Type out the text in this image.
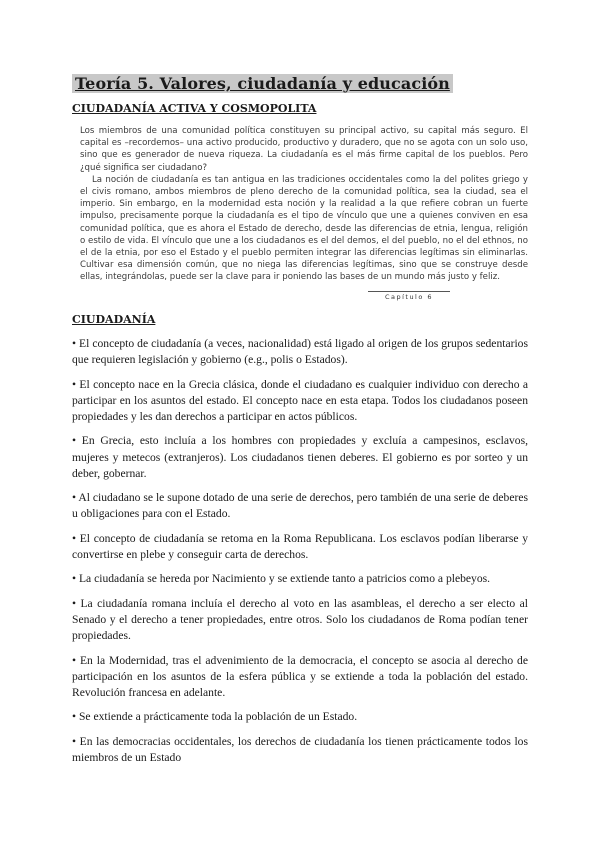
Teoría 5. Valores, ciudadanía y educación
CIUDADANÍA ACTIVA Y COSMOPOLITA

Los miembros de una comunidad política constituyen su principal activo, su capital más seguro. El capital es –recordemos– una activo producido, productivo y duradero, que no se agota con un solo uso, sino que es generador de nueva riqueza. La ciudadanía es el más firme capital de los pueblos. Pero ¿qué significa ser ciudadano?

La noción de ciudadanía es tan antigua en las tradiciones occidentales como la del polites griego y el civis romano, ambos miembros de pleno derecho de la comunidad política, sea la ciudad, sea el imperio. Sin embargo, en la modernidad esta noción y la realidad a la que refiere cobran un fuerte impulso, precisamente porque la ciudadanía es el tipo de vínculo que une a quienes conviven en esa comunidad política, que es ahora el Estado de derecho, desde las diferencias de etnia, lengua, religión o estilo de vida. El vínculo que une a los ciudadanos es el del demos, el del pueblo, no el del ethnos, no el de la etnia, por eso el Estado y el pueblo permiten integrar las diferencias legítimas sin eliminarlas. Cultivar esa dimensión común, que no niega las diferencias legítimas, sino que se construye desde ellas, integrándolas, puede ser la clave para ir poniendo las bases de un mundo más justo y feliz.

Capítulo 6
CIUDADANÍA

• El concepto de ciudadanía (a veces, nacionalidad) está ligado al origen de los grupos sedentarios que requieren legislación y gobierno (e.g., polis o Estados).

• El concepto nace en la Grecia clásica, donde el ciudadano es cualquier individuo con derecho a participar en los asuntos del estado. El concepto nace en esta etapa. Todos los ciudadanos poseen propiedades y les dan derechos a participar en actos públicos.

• En Grecia, esto incluía a los hombres con propiedades y excluía a campesinos, esclavos, mujeres y metecos (extranjeros). Los ciudadanos tienen deberes. El gobierno es por sorteo y un deber, gobernar.

• Al ciudadano se le supone dotado de una serie de derechos, pero también de una serie de deberes u obligaciones para con el Estado.

• El concepto de ciudadanía se retoma en la Roma Republicana. Los esclavos podían liberarse y convertirse en plebe y conseguir carta de derechos.

• La ciudadanía se hereda por Nacimiento y se extiende tanto a patricios como a plebeyos.

• La ciudadanía romana incluía el derecho al voto en las asambleas, el derecho a ser electo al Senado y el derecho a tener propiedades, entre otros. Solo los ciudadanos de Roma podían tener propiedades.

• En la Modernidad, tras el advenimiento de la democracia, el concepto se asocia al derecho de participación en los asuntos de la esfera pública y se extiende a toda la población del estado. Revolución francesa en adelante.

• Se extiende a prácticamente toda la población de un Estado.

• En las democracias occidentales, los derechos de ciudadanía los tienen prácticamente todos los miembros de un Estado
